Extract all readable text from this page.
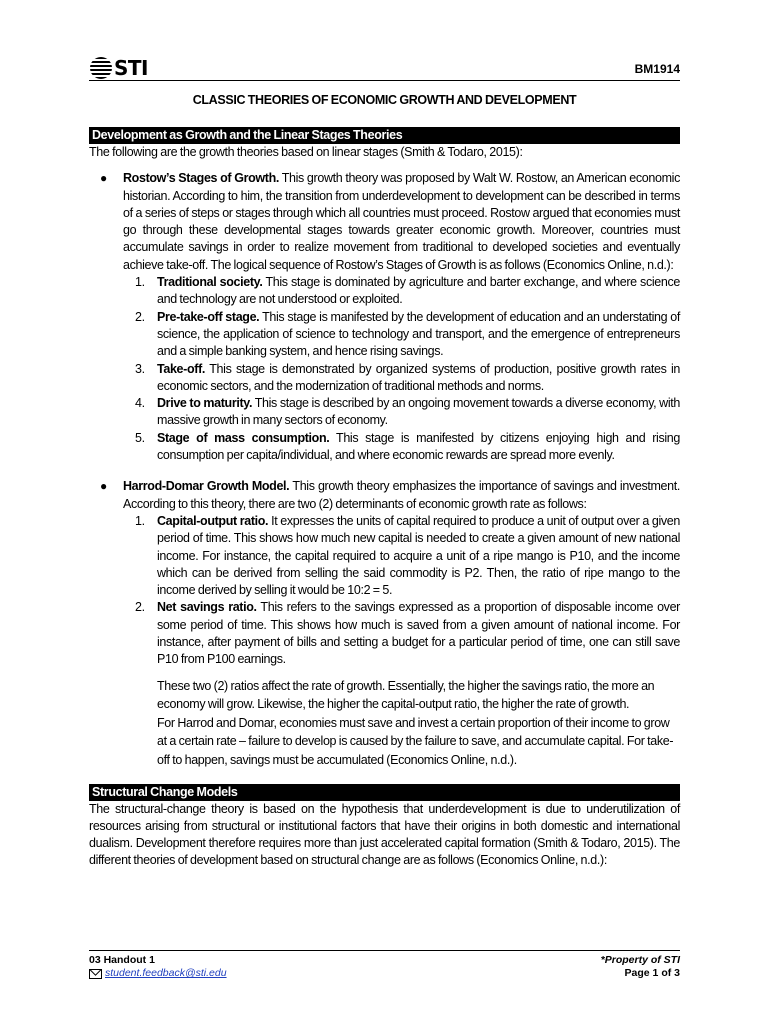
STI	BM1914
CLASSIC THEORIES OF ECONOMIC GROWTH AND DEVELOPMENT
Development as Growth and the Linear Stages Theories

The following are the growth theories based on linear stages (Smith & Todaro, 2015):

● Rostow’s Stages of Growth. This growth theory was proposed by Walt W. Rostow, an American economic historian. According to him, the transition from underdevelopment to development can be described in terms of a series of steps or stages through which all countries must proceed. Rostow argued that economies must go through these developmental stages towards greater economic growth. Moreover, countries must accumulate savings in order to realize movement from traditional to developed societies and eventually achieve take-off. The logical sequence of Rostow’s Stages of Growth is as follows (Economics Online, n.d.):

1. Traditional society. This stage is dominated by agriculture and barter exchange, and where science and technology are not understood or exploited.
2. Pre-take-off stage. This stage is manifested by the development of education and an understating of science, the application of science to technology and transport, and the emergence of entrepreneurs and a simple banking system, and hence rising savings.
3. Take-off. This stage is demonstrated by organized systems of production, positive growth rates in economic sectors, and the modernization of traditional methods and norms.
4. Drive to maturity. This stage is described by an ongoing movement towards a diverse economy, with massive growth in many sectors of economy.
5. Stage of mass consumption. This stage is manifested by citizens enjoying high and rising consumption per capita/individual, and where economic rewards are spread more evenly.
● Harrod-Domar Growth Model. This growth theory emphasizes the importance of savings and investment. According to this theory, there are two (2) determinants of economic growth rate as follows:

1. Capital-output ratio. It expresses the units of capital required to produce a unit of output over a given period of time. This shows how much new capital is needed to create a given amount of new national income. For instance, the capital required to acquire a unit of a ripe mango is P10, and the income which can be derived from selling the said commodity is P2. Then, the ratio of ripe mango to the income derived by selling it would be 10:2 = 5.
2. Net savings ratio. This refers to the savings expressed as a proportion of disposable income over some period of time. This shows how much is saved from a given amount of national income. For instance, after payment of bills and setting a budget for a particular period of time, one can still save P10 from P100 earnings.

These two (2) ratios affect the rate of growth. Essentially, the higher the savings ratio, the more an economy will grow. Likewise, the higher the capital-output ratio, the higher the rate of growth.

For Harrod and Domar, economies must save and invest a certain proportion of their income to grow at a certain rate – failure to develop is caused by the failure to save, and accumulate capital. For take-off to happen, savings must be accumulated (Economics Online, n.d.).

Structural Change Models

The structural-change theory is based on the hypothesis that underdevelopment is due to underutilization of resources arising from structural or institutional factors that have their origins in both domestic and international dualism. Development therefore requires more than just accelerated capital formation (Smith & Todaro, 2015). The different theories of development based on structural change are as follows (Economics Online, n.d.):

03 Handout 1
student.feedback@sti.edu
*Property of STI
Page 1 of 3
